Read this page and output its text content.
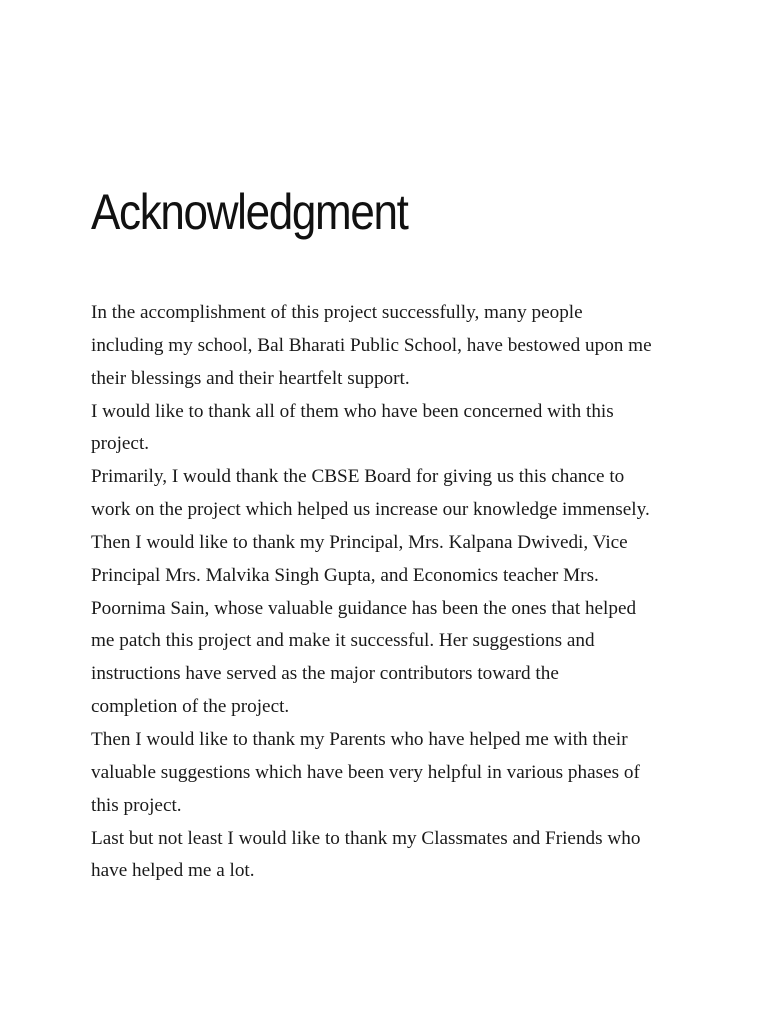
Acknowledgment
In the accomplishment of this project successfully, many people
including my school, Bal Bharati Public School, have bestowed upon me
their blessings and their heartfelt support.
I would like to thank all of them who have been concerned with this
project.
Primarily, I would thank the CBSE Board for giving us this chance to
work on the project which helped us increase our knowledge immensely.
Then I would like to thank my Principal, Mrs. Kalpana Dwivedi, Vice
Principal Mrs. Malvika Singh Gupta, and Economics teacher Mrs.
Poornima Sain, whose valuable guidance has been the ones that helped
me patch this project and make it successful. Her suggestions and
instructions have served as the major contributors toward the
completion of the project.
Then I would like to thank my Parents who have helped me with their
valuable suggestions which have been very helpful in various phases of
this project.
Last but not least I would like to thank my Classmates and Friends who
have helped me a lot.
